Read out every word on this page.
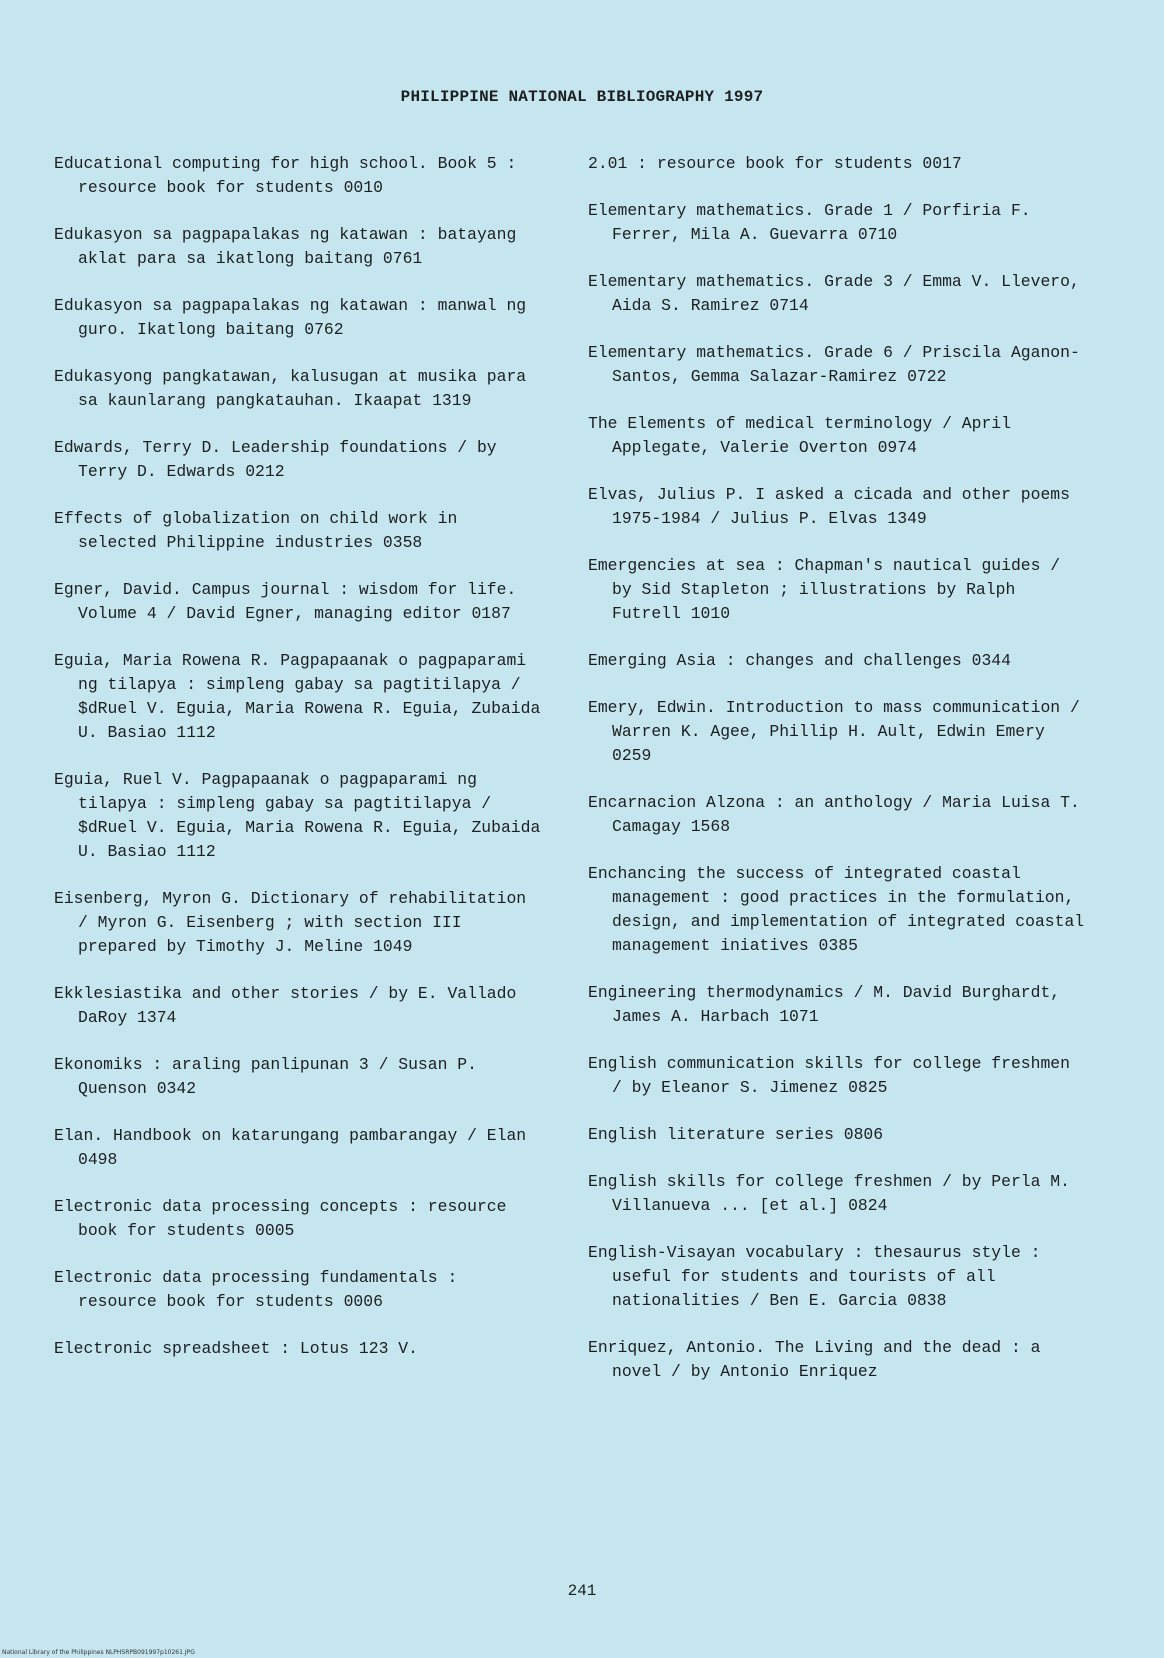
PHILIPPINE NATIONAL BIBLIOGRAPHY 1997

Educational computing for high school. Book 5 : resource book for students 0010

Edukasyon sa pagpapalakas ng katawan : batayang aklat para sa ikatlong baitang 0761

Edukasyon sa pagpapalakas ng katawan : manwal ng guro. Ikatlong baitang 0762

Edukasyong pangkatawan, kalusugan at musika para sa kaunlarang pangkatauhan. Ikaapat 1319

Edwards, Terry D. Leadership foundations / by Terry D. Edwards 0212

Effects of globalization on child work in selected Philippine industries 0358

Egner, David. Campus journal : wisdom for life. Volume 4 / David Egner, managing editor 0187

Eguia, Maria Rowena R. Pagpapaanak o pagpaparami ng tilapya : simpleng gabay sa pagtitilapya / $dRuel V. Eguia, Maria Rowena R. Eguia, Zubaida U. Basiao 1112

Eguia, Ruel V. Pagpapaanak o pagpaparami ng tilapya : simpleng gabay sa pagtitilapya / $dRuel V. Eguia, Maria Rowena R. Eguia, Zubaida U. Basiao 1112

Eisenberg, Myron G. Dictionary of rehabilitation / Myron G. Eisenberg ; with section III prepared by Timothy J. Meline 1049

Ekklesiastika and other stories / by E. Vallado DaRoy 1374

Ekonomiks : araling panlipunan 3 / Susan P. Quenson 0342

Elan. Handbook on katarungang pambarangay / Elan 0498

Electronic data processing concepts : resource book for students 0005

Electronic data processing fundamentals : resource book for students 0006

Electronic spreadsheet : Lotus 123 V.

2.01 : resource book for students 0017

Elementary mathematics. Grade 1 / Porfiria F. Ferrer, Mila A. Guevarra 0710

Elementary mathematics. Grade 3 / Emma V. Llevero, Aida S. Ramirez 0714

Elementary mathematics. Grade 6 / Priscila Aganon-Santos, Gemma Salazar-Ramirez 0722

The Elements of medical terminology / April Applegate, Valerie Overton 0974

Elvas, Julius P. I asked a cicada and other poems 1975-1984 / Julius P. Elvas 1349

Emergencies at sea : Chapman's nautical guides / by Sid Stapleton ; illustrations by Ralph Futrell 1010

Emerging Asia : changes and challenges 0344

Emery, Edwin. Introduction to mass communication / Warren K. Agee, Phillip H. Ault, Edwin Emery 0259

Encarnacion Alzona : an anthology / Maria Luisa T. Camagay 1568

Enchancing the success of integrated coastal management : good practices in the formulation, design, and implementation of integrated coastal management iniatives 0385

Engineering thermodynamics / M. David Burghardt, James A. Harbach 1071

English communication skills for college freshmen / by Eleanor S. Jimenez 0825

English literature series 0806

English skills for college freshmen / by Perla M. Villanueva ... [et al.] 0824

English-Visayan vocabulary : thesaurus style : useful for students and tourists of all nationalities / Ben E. Garcia 0838

Enriquez, Antonio. The Living and the dead : a novel / by Antonio Enriquez

241
National Library of the Philippines NLPHSRPB091997p10261.JPG
